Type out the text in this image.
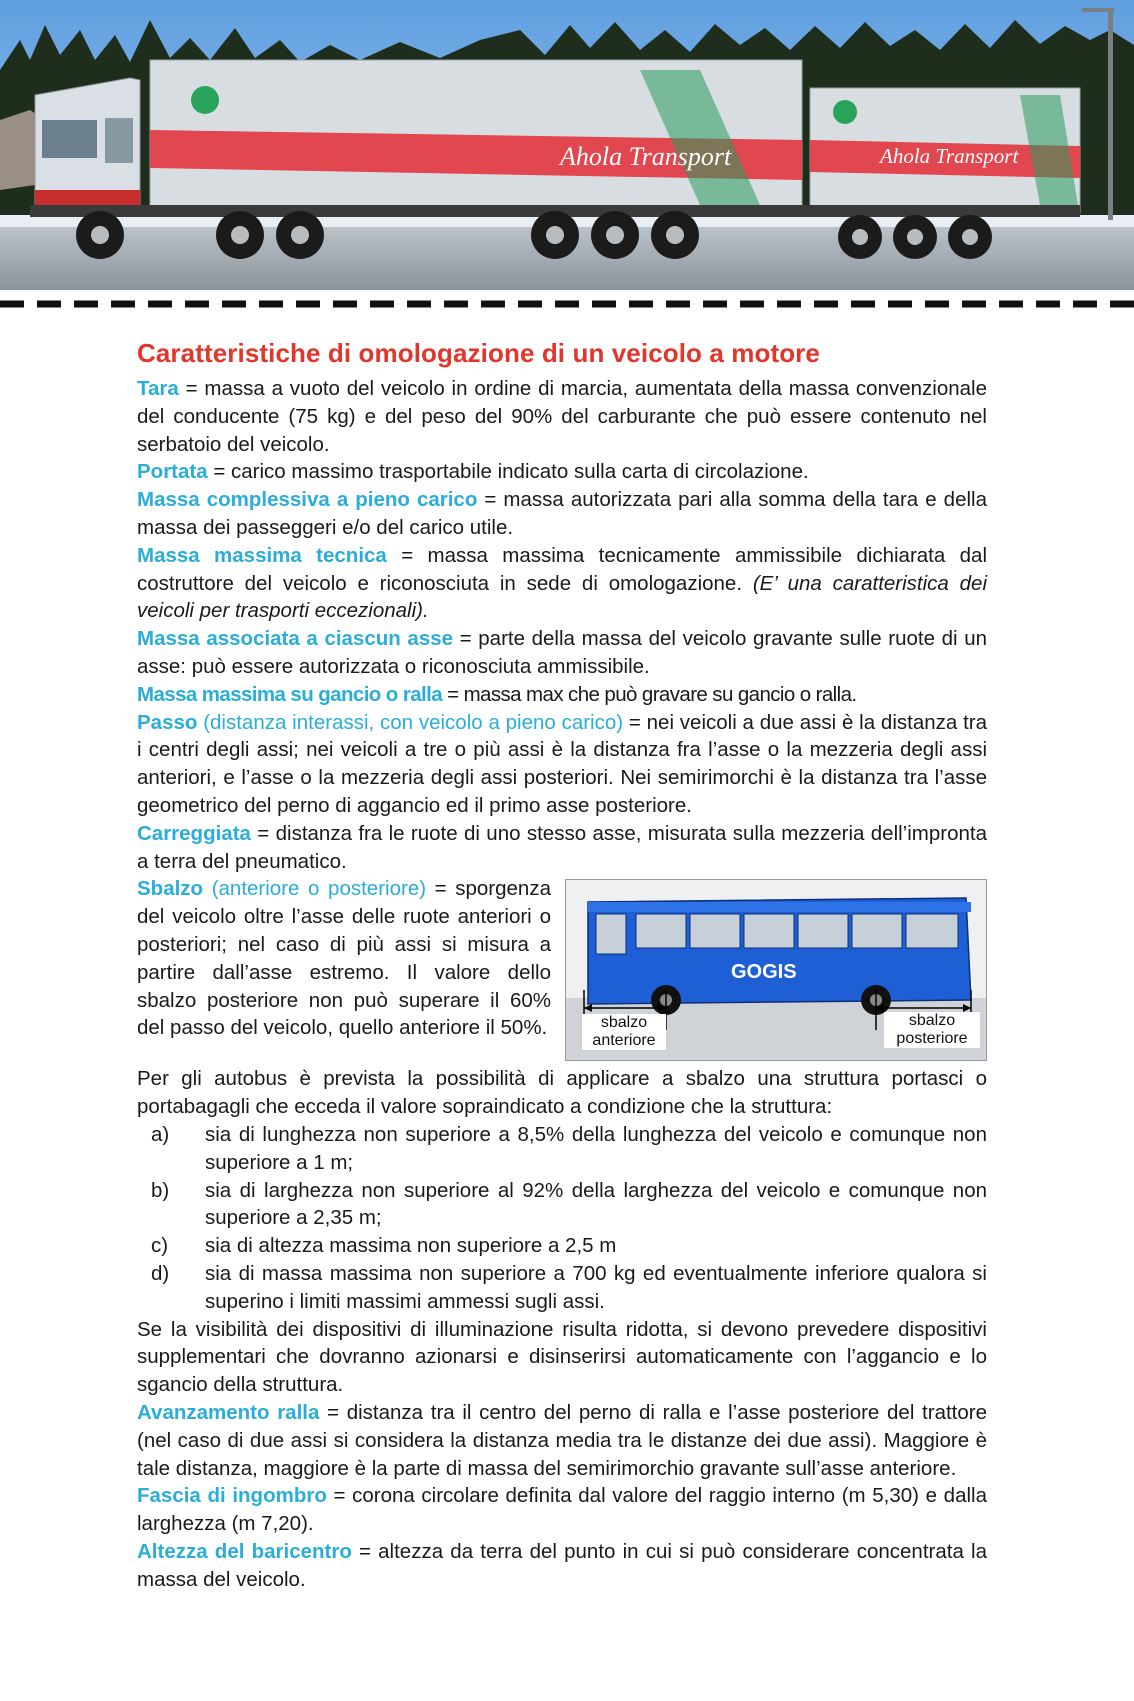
Ahola Transport	Ahola Transport
Caratteristiche di omologazione di un veicolo a motore

Tara = massa a vuoto del veicolo in ordine di marcia, aumentata della massa convenzionale del conducente (75 kg) e del peso del 90% del carburante che può essere contenuto nel serbatoio del veicolo.

Portata = carico massimo trasportabile indicato sulla carta di circolazione.

Massa complessiva a pieno carico = massa autorizzata pari alla somma della tara e della massa dei passeggeri e/o del carico utile.

Massa massima tecnica = massa massima tecnicamente ammissibile dichiarata dal costruttore del veicolo e riconosciuta in sede di omologazione. (E’ una caratteristica dei veicoli per trasporti eccezionali).

Massa associata a ciascun asse = parte della massa del veicolo gravante sulle ruote di un asse: può essere autorizzata o riconosciuta ammissibile.

Massa massima su gancio o ralla = massa max che può gravare su gancio o ralla.

Passo (distanza interassi, con veicolo a pieno carico) = nei veicoli a due assi è la distanza tra i centri degli assi; nei veicoli a tre o più assi è la distanza fra l’asse o la mezzeria degli assi anteriori, e l’asse o la mezzeria degli assi posteriori. Nei semirimorchi è la distanza tra l’asse geometrico del perno di aggancio ed il primo asse posteriore.

Carreggiata = distanza fra le ruote di uno stesso asse, misurata sulla mezzeria dell’impronta a terra del pneumatico.

GOGIS
sbalzo anteriore
sbalzo posteriore

Sbalzo (anteriore o posteriore) = sporgenza del veicolo oltre l’asse delle ruote anteriori o posteriori; nel caso di più assi si misura a partire dall’asse estremo. Il valore dello sbalzo posteriore non può superare il 60% del passo del veicolo, quello anteriore il 50%.

Per gli autobus è prevista la possibilità di applicare a sbalzo una struttura portasci o portabagagli che ecceda il valore sopraindicato a condizione che la struttura:

a) sia di lunghezza non superiore a 8,5% della lunghezza del veicolo e comunque non superiore a 1 m;
b) sia di larghezza non superiore al 92% della larghezza del veicolo e comunque non superiore a 2,35 m;
c) sia di altezza massima non superiore a 2,5 m
d) sia di massa massima non superiore a 700 kg ed eventualmente inferiore qualora si superino i limiti massimi ammessi sugli assi.

Se la visibilità dei dispositivi di illuminazione risulta ridotta, si devono prevedere dispositivi supplementari che dovranno azionarsi e disinserirsi automaticamente con l’aggancio e lo sgancio della struttura.

Avanzamento ralla = distanza tra il centro del perno di ralla e l’asse posteriore del trattore (nel caso di due assi si considera la distanza media tra le distanze dei due assi). Maggiore è tale distanza, maggiore è la parte di massa del semirimorchio gravante sull’asse anteriore.

Fascia di ingombro = corona circolare definita dal valore del raggio interno (m 5,30) e dalla larghezza (m 7,20).

Altezza del baricentro = altezza da terra del punto in cui si può considerare concentrata la massa del veicolo.
